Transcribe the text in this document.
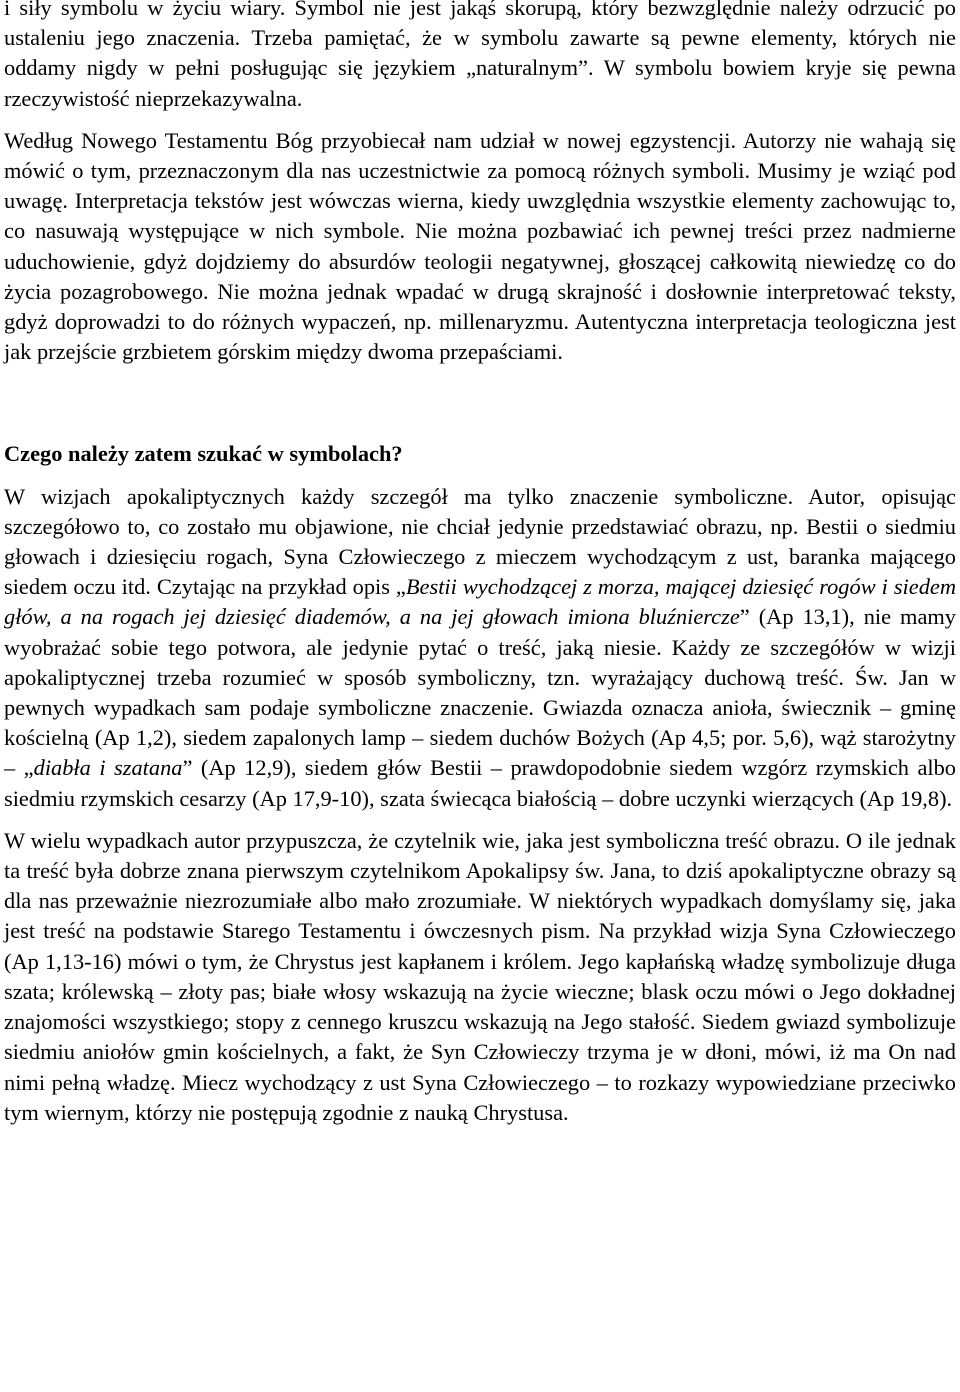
i siły symbolu w życiu wiary. Symbol nie jest jakąś skorupą, który bezwzględnie należy odrzucić po ustaleniu jego znaczenia. Trzeba pamiętać, że w symbolu zawarte są pewne elementy, których nie oddamy nigdy w pełni posługując się językiem „naturalnym”. W symbolu bowiem kryje się pewna rzeczywistość nieprzekazywalna.

Według Nowego Testamentu Bóg przyobiecał nam udział w nowej egzystencji. Autorzy nie wahają się mówić o tym, przeznaczonym dla nas uczestnictwie za pomocą różnych symboli. Musimy je wziąć pod uwagę. Interpretacja tekstów jest wówczas wierna, kiedy uwzględnia wszystkie elementy zachowując to, co nasuwają występujące w nich symbole. Nie można pozbawiać ich pewnej treści przez nadmierne uduchowienie, gdyż dojdziemy do absurdów teologii negatywnej, głoszącej całkowitą niewiedzę co do życia pozagrobowego. Nie można jednak wpadać w drugą skrajność i dosłownie interpretować teksty, gdyż doprowadzi to do różnych wypaczeń, np. millenaryzmu. Autentyczna interpretacja teologiczna jest jak przejście grzbietem górskim między dwoma przepaściami.

Czego należy zatem szukać w symbolach?

W wizjach apokaliptycznych każdy szczegół ma tylko znaczenie symboliczne. Autor, opisując szczegółowo to, co zostało mu objawione, nie chciał jedynie przedstawiać obrazu, np. Bestii o siedmiu głowach i dziesięciu rogach, Syna Człowieczego z mieczem wychodzącym z ust, baranka mającego siedem oczu itd. Czytając na przykład opis „Bestii wychodzącej z morza, mającej dziesięć rogów i siedem głów, a na rogach jej dziesięć diademów, a na jej głowach imiona bluźniercze” (Ap 13,1), nie mamy wyobrażać sobie tego potwora, ale jedynie pytać o treść, jaką niesie. Każdy ze szczegółów w wizji apokaliptycznej trzeba rozumieć w sposób symboliczny, tzn. wyrażający duchową treść. Św. Jan w pewnych wypadkach sam podaje symboliczne znaczenie. Gwiazda oznacza anioła, świecznik – gminę kościelną (Ap 1,2), siedem zapalonych lamp – siedem duchów Bożych (Ap 4,5; por. 5,6), wąż starożytny – „diabła i szatana” (Ap 12,9), siedem głów Bestii – prawdopodobnie siedem wzgórz rzymskich albo siedmiu rzymskich cesarzy (Ap 17,9-10), szata świecąca białością – dobre uczynki wierzących (Ap 19,8).

W wielu wypadkach autor przypuszcza, że czytelnik wie, jaka jest symboliczna treść obrazu. O ile jednak ta treść była dobrze znana pierwszym czytelnikom Apokalipsy św. Jana, to dziś apokaliptyczne obrazy są dla nas przeważnie niezrozumiałe albo mało zrozumiałe. W niektórych wypadkach domyślamy się, jaka jest treść na podstawie Starego Testamentu i ówczesnych pism. Na przykład wizja Syna Człowieczego (Ap 1,13-16) mówi o tym, że Chrystus jest kapłanem i królem. Jego kapłańską władzę symbolizuje długa szata; królewską – złoty pas; białe włosy wskazują na życie wieczne; blask oczu mówi o Jego dokładnej znajomości wszystkiego; stopy z cennego kruszcu wskazują na Jego stałość. Siedem gwiazd symbolizuje siedmiu aniołów gmin kościelnych, a fakt, że Syn Człowieczy trzyma je w dłoni, mówi, iż ma On nad nimi pełną władzę. Miecz wychodzący z ust Syna Człowieczego – to rozkazy wypowiedziane przeciwko tym wiernym, którzy nie postępują zgodnie z nauką Chrystusa.
